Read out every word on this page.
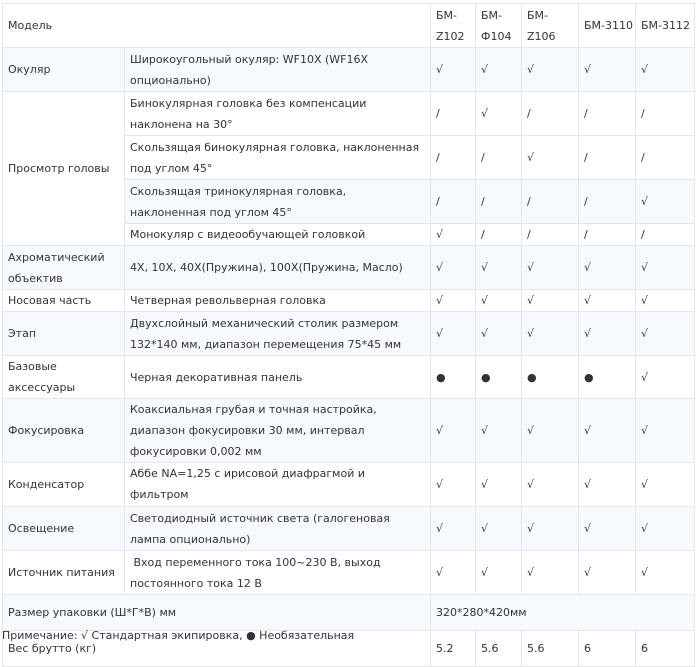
Модель		БМ-Z102	БМ-Ф104	БМ-Z106	БМ-3110	БМ-3112
Окуляр	Широкоугольный окуляр: WF10X (WF16X опционально)	√	√	√	√	√
Просмотр головы	Бинокулярная головка без компенсации наклонена на 30°	/	√	/	/	/
	Скользящая бинокулярная головка, наклоненная под углом 45°	/	/	√	/	/
	Скользящая тринокулярная головка, наклоненная под углом 45°	/	/	/	/	√
	Монокуляр с видеообучающей головкой	√	/	/	/	/
Ахроматический объектив	4X, 10X, 40X(Пружина), 100X(Пружина, Масло)	√	√	√	√	√
Носовая часть	Четверная револьверная головка	√	√	√	√	√
Этап	Двухслойный механический столик размером 132*140 мм, диапазон перемещения 75*45 мм	√	√	√	√	√
Базовые аксессуары	Черная декоративная панель	●	●	●	●	√
Фокусировка	Коаксиальная грубая и точная настройка, диапазон фокусировки 30 мм, интервал фокусировки 0,002 мм	√	√	√	√	√
Конденсатор	Аббе NA=1,25 с ирисовой диафрагмой и фильтром	√	√	√	√	√
Освещение	Светодиодный источник света (галогеновая лампа опционально)	√	√	√	√	√
Источник питания	Вход переменного тока 100~230 В, выход постоянного тока 12 В	√	√	√	√	√
Размер упаковки (Ш*Г*В) мм		320*280*420мм				
Вес брутто (кг)		5.2	5.6	5.6	6	6
Примечание: √ Стандартная экипировка, ● Необязательная
